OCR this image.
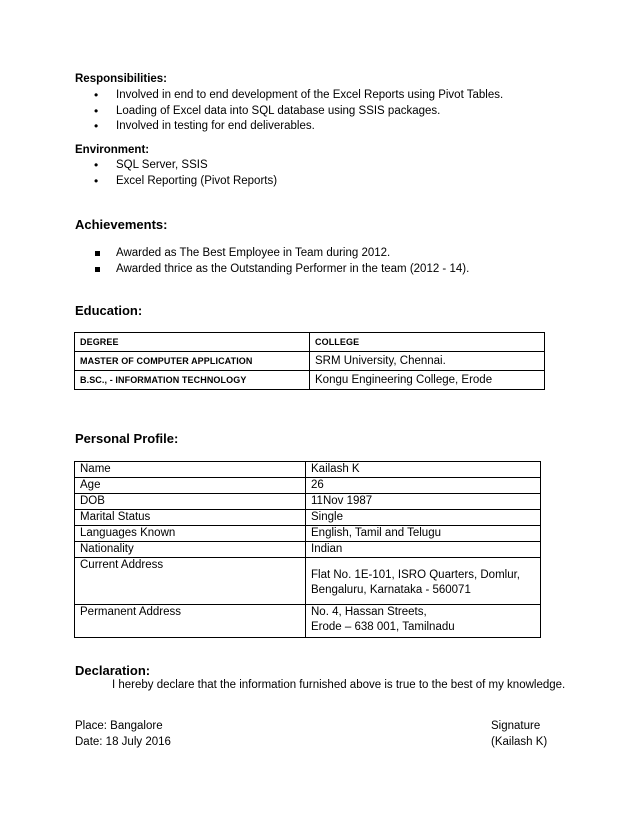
Responsibilities:
• Involved in end to end development of the Excel Reports using Pivot Tables.
• Loading of Excel data into SQL database using SSIS packages.
• Involved in testing for end deliverables.
Environment:
• SQL Server, SSIS
• Excel Reporting (Pivot Reports)
Achievements:
Awarded as The Best Employee in Team during 2012.
Awarded thrice as the Outstanding Performer in the team (2012 - 14).
Education:
DEGREE	COLLEGE
MASTER OF COMPUTER APPLICATION	SRM University, Chennai.
B.SC., - INFORMATION TECHNOLOGY	Kongu Engineering College, Erode
Personal Profile:
Name	Kailash K
Age	26
DOB	11Nov 1987
Marital Status	Single
Languages Known	English, Tamil and Telugu
Nationality	Indian
Current Address	Flat No. 1E-101, ISRO Quarters, Domlur,
Bengaluru, Karnataka - 560071

Permanent Address	No. 4, Hassan Streets,
Erode – 638 001, Tamilnadu
Declaration:
I hereby declare that the information furnished above is true to the best of my knowledge.
Place: Bangalore
Date: 18 July 2016
Signature
(Kailash K)
